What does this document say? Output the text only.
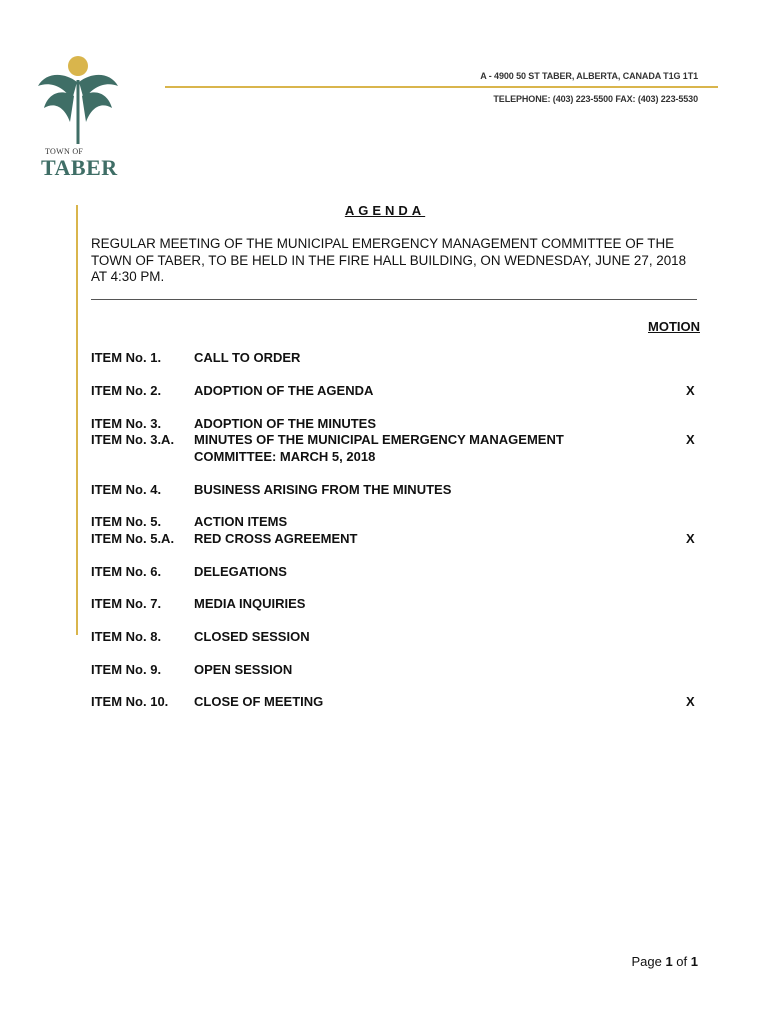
TOWN OF
TABER
A - 4900 50 ST TABER, ALBERTA, CANADA T1G 1T1
TELEPHONE: (403) 223-5500 FAX: (403) 223-5530
AGENDA
REGULAR MEETING OF THE MUNICIPAL EMERGENCY MANAGEMENT COMMITTEE OF THE TOWN OF TABER, TO BE HELD IN THE FIRE HALL BUILDING, ON WEDNESDAY, JUNE 27, 2018 AT 4:30 PM.
MOTION
ITEM No. 1.	CALL TO ORDER
ITEM No. 2.	ADOPTION OF THE AGENDA	X
ITEM No. 3.	ADOPTION OF THE MINUTES
ITEM No. 3.A. MINUTES OF THE MUNICIPAL EMERGENCY MANAGEMENT	X
COMMITTEE: MARCH 5, 2018
ITEM No. 4.	BUSINESS ARISING FROM THE MINUTES
ITEM No. 5.	ACTION ITEMS
ITEM No. 5.A. RED CROSS AGREEMENT	X
ITEM No. 6.	DELEGATIONS
ITEM No. 7.	MEDIA INQUIRIES
ITEM No. 8.	CLOSED SESSION
ITEM No. 9.	OPEN SESSION
ITEM No. 10. CLOSE OF MEETING	X
Page 1 of 1
